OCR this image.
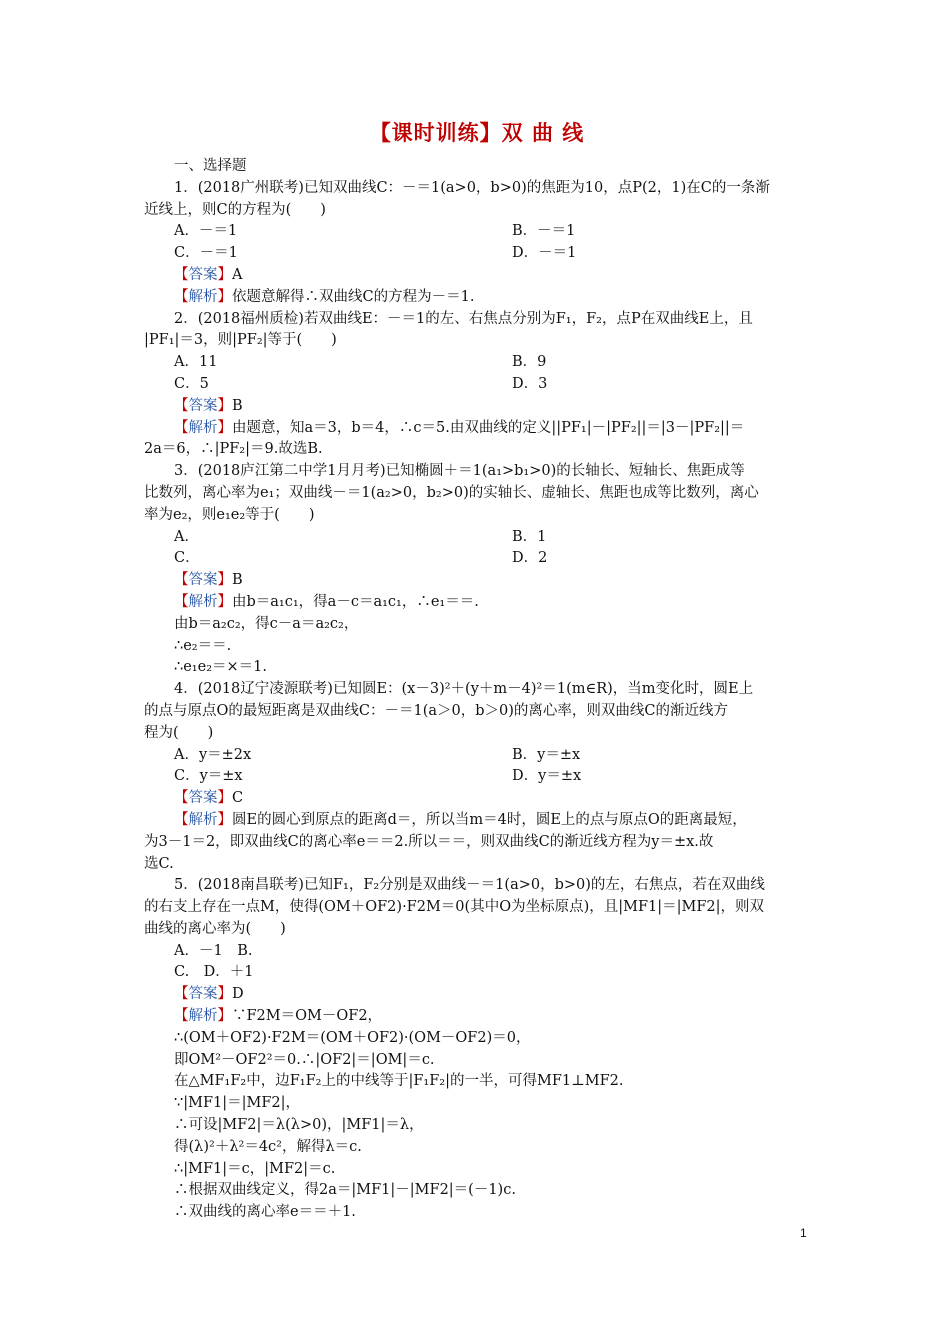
【课时训练】双 曲 线
一、选择题
1．(2018广州联考)已知双曲线C：－＝1(a>0，b>0)的焦距为10，点P(2，1)在C的一条渐
近线上，则C的方程为(　　)
A．－＝1	B．－＝1
C．－＝1	D．－＝1
【答案】A
【解析】依题意解得∴双曲线C的方程为－＝1.
2．(2018福州质检)若双曲线E：－＝1的左、右焦点分别为F₁，F₂，点P在双曲线E上，且
|PF₁|＝3，则|PF₂|等于(　　)
A．11	B．9
C．5	D．3
【答案】B
【解析】由题意，知a＝3，b＝4，∴c＝5.由双曲线的定义||PF₁|－|PF₂||＝|3－|PF₂||＝
2a＝6，∴|PF₂|＝9.故选B.
3．(2018庐江第二中学1月月考)已知椭圆＋＝1(a₁>b₁>0)的长轴长、短轴长、焦距成等
比数列，离心率为e₁；双曲线－＝1(a₂>0，b₂>0)的实轴长、虚轴长、焦距也成等比数列，离心
率为e₂，则e₁e₂等于(　　)
A．	B．1
C．	D．2
【答案】B
【解析】由b＝a₁c₁，得a－c＝a₁c₁，∴e₁＝＝.
由b＝a₂c₂，得c－a＝a₂c₂，
∴e₂＝＝.
∴e₁e₂＝×＝1.
4．(2018辽宁凌源联考)已知圆E：(x－3)²＋(y＋m－4)²＝1(m∈R)，当m变化时，圆E上
的点与原点O的最短距离是双曲线C：－＝1(a＞0，b＞0)的离心率，则双曲线C的渐近线方
程为(　　)
A．y＝±2x	B．y＝±x
C．y＝±x	D．y＝±x
【答案】C
【解析】圆E的圆心到原点的距离d＝，所以当m＝4时，圆E上的点与原点O的距离最短，
为3－1＝2，即双曲线C的离心率e＝＝2.所以＝＝，则双曲线C的渐近线方程为y＝±x.故
选C.
5．(2018南昌联考)已知F₁，F₂分别是双曲线－＝1(a>0，b>0)的左，右焦点，若在双曲线
的右支上存在一点M，使得(OM＋OF2)·F2M＝0(其中O为坐标原点)，且|MF1|＝|MF2|，则双
曲线的离心率为(　　)
A．－1　B.
C.　D．＋1
【答案】D
【解析】∵F2M＝OM－OF2，
∴(OM＋OF2)·F2M＝(OM＋OF2)·(OM－OF2)＝0，
即OM²－OF2²＝0.∴|OF2|＝|OM|＝c.
在△MF₁F₂中，边F₁F₂上的中线等于|F₁F₂|的一半，可得MF1⊥MF2.
∵|MF1|＝|MF2|，
∴可设|MF2|＝λ(λ>0)，|MF1|＝λ，
得(λ)²＋λ²＝4c²，解得λ＝c.
∴|MF1|＝c，|MF2|＝c.
∴根据双曲线定义，得2a＝|MF1|－|MF2|＝(－1)c.
∴双曲线的离心率e＝＝＋1.
1
